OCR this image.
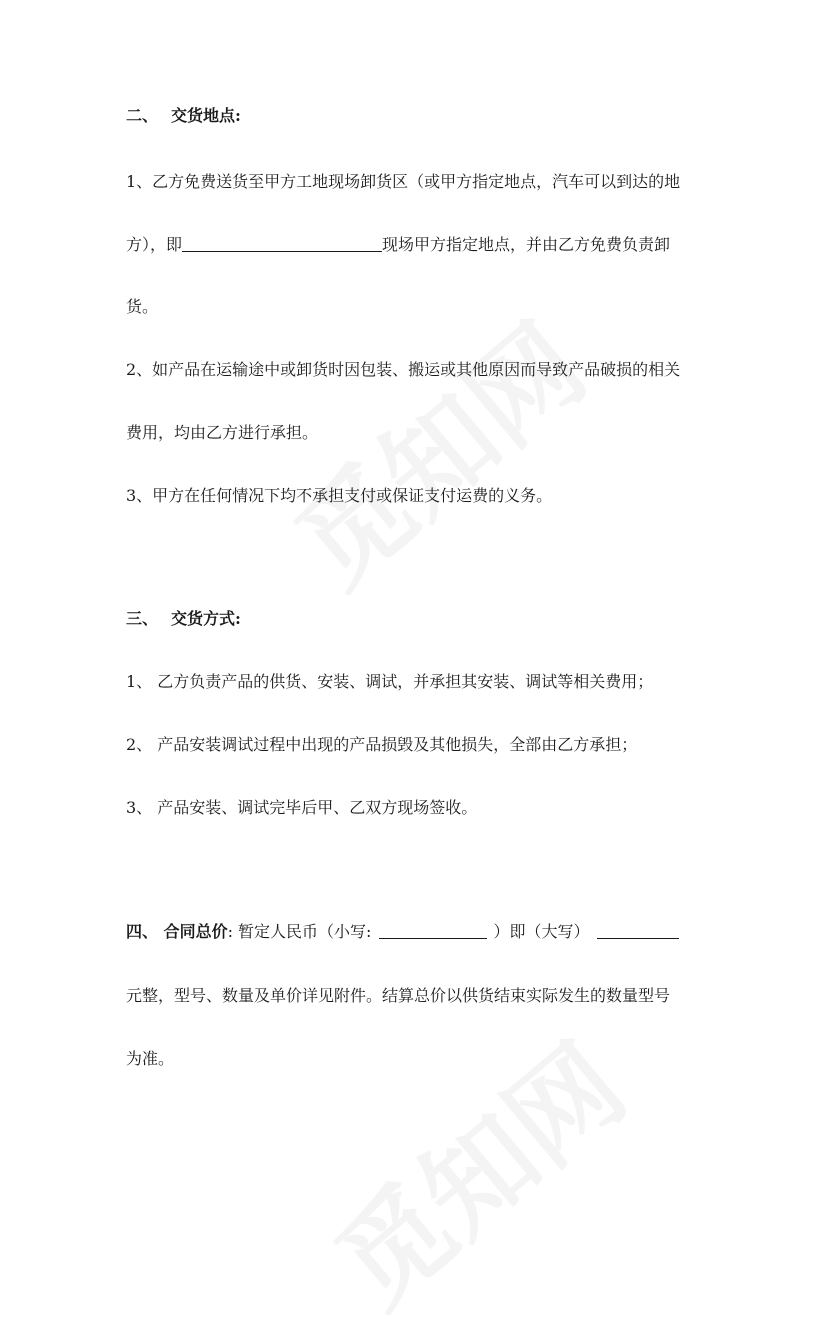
二、 交货地点:
1、乙方免费送货至甲方工地现场卸货区（或甲方指定地点，汽车可以到达的地
方），即	现场甲方指定地点，并由乙方免费负责卸
货。
2、如产品在运输途中或卸货时因包装、搬运或其他原因而导致产品破损的相关
费用，均由乙方进行承担。
3、甲方在任何情况下均不承担支付或保证支付运费的义务。
三、 交货方式:
1、 乙方负责产品的供货、安装、调试，并承担其安装、调试等相关费用；
2、 产品安装调试过程中出现的产品损毁及其他损失，全部由乙方承担；
3、 产品安装、调试完毕后甲、乙双方现场签收。
四、 合同总价: 暂定人民币（小写:	）即（大写）
元整，型号、数量及单价详见附件。结算总价以供货结束实际发生的数量型号
为准。
